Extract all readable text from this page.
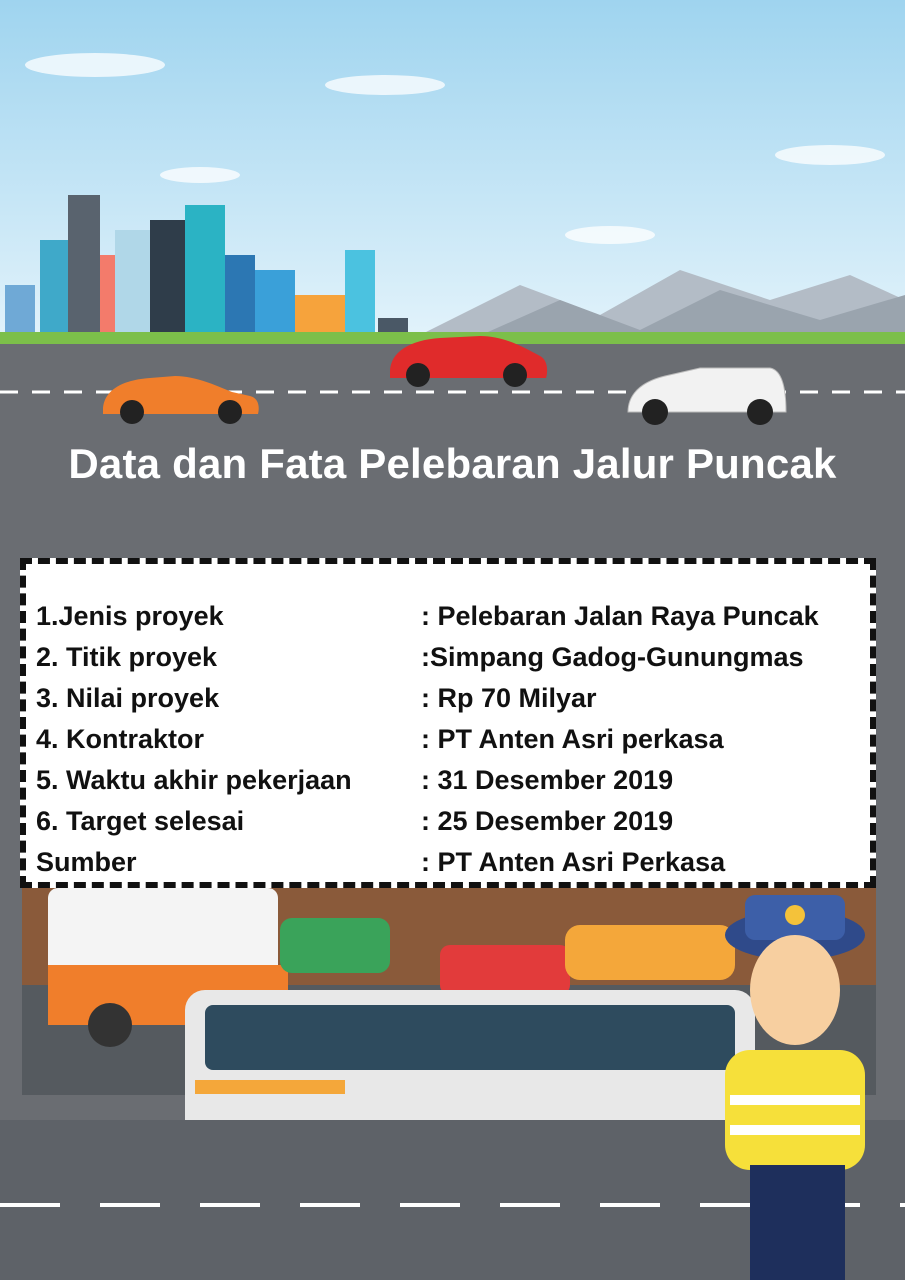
Data dan Fata Pelebaran Jalur Puncak
1.Jenis proyek	: Pelebaran Jalan Raya Puncak
2. Titik proyek	:Simpang Gadog-Gunungmas
3. Nilai proyek	: Rp 70 Milyar
4. Kontraktor	: PT Anten Asri perkasa
5. Waktu akhir pekerjaan	: 31 Desember 2019
6. Target selesai	: 25 Desember 2019
Sumber	: PT Anten Asri Perkasa
